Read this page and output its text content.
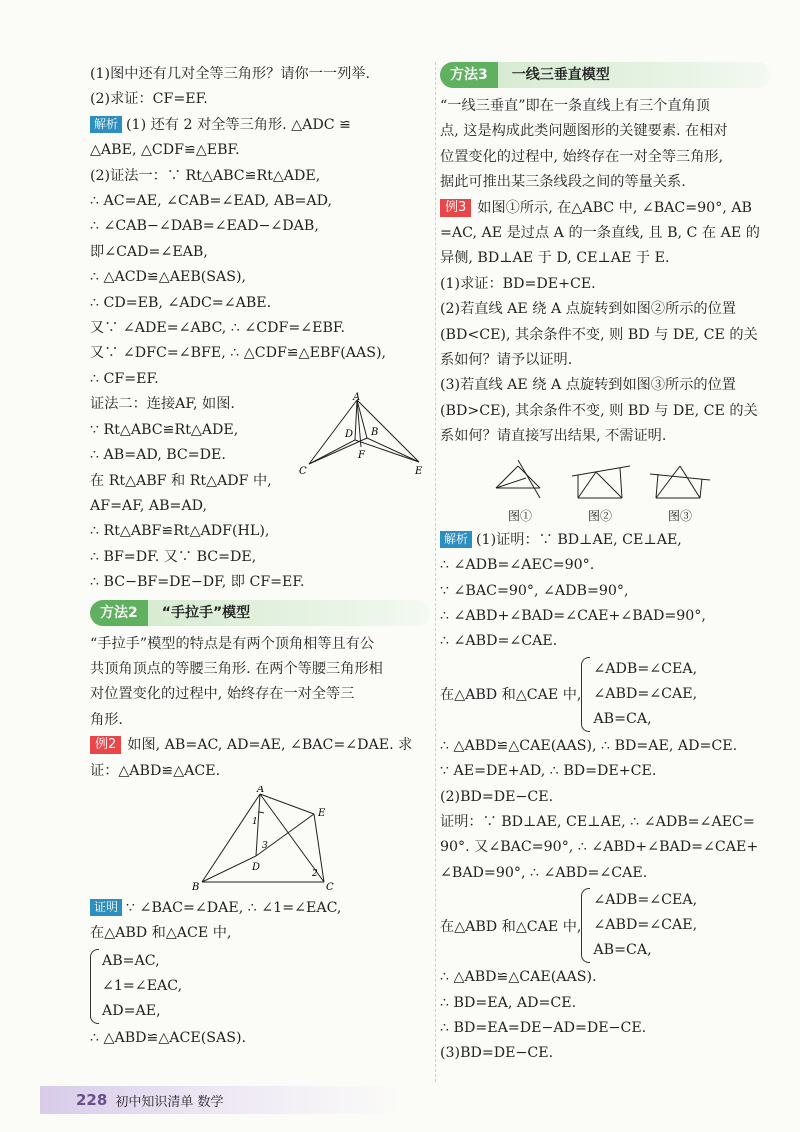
(1)图中还有几对全等三角形？请你一一列举.
(2)求证：CF=EF.
解析 (1) 还有 2 对全等三角形. △ADC ≌
△ABE, △CDF≌△EBF.
(2)证法一：∵ Rt△ABC≌Rt△ADE,
∴ AC=AE, ∠CAB=∠EAD, AB=AD,
∴ ∠CAB−∠DAB=∠EAD−∠DAB,
即∠CAD=∠EAB,
∴ △ACD≌△AEB(SAS),
∴ CD=EB, ∠ADC=∠ABE.
又∵ ∠ADE=∠ABC, ∴ ∠CDF=∠EBF.
又∵ ∠DFC=∠BFE, ∴ △CDF≌△EBF(AAS),
∴ CF=EF.
证法二：连接AF, 如图.
∵ Rt△ABC≌Rt△ADE,
∴ AB=AD, BC=DE.
在 Rt△ABF 和 Rt△ADF 中,
AF=AF, AB=AD,
∴ Rt△ABF≌Rt△ADF(HL),
∴ BF=DF. 又∵ BC=DE,
∴ BC−BF=DE−DF, 即 CF=EF.
A
C	E
D B
F
方法2	“手拉手”模型
“手拉手”模型的特点是有两个顶角相等且有公
共顶角顶点的等腰三角形. 在两个等腰三角形相
对位置变化的过程中, 始终存在一对全等三
角形.
例2 如图, AB=AC, AD=AE, ∠BAC=∠DAE. 求
证：△ABD≌△ACE.
A
B	C
D
E
1
2
3
证明 ∵ ∠BAC=∠DAE, ∴ ∠1=∠EAC,
在△ABD 和△ACE 中,
AB=AC,
∠1=∠EAC,
AD=AE,
∴ △ABD≌△ACE(SAS).
方法3	一线三垂直模型
“一线三垂直”即在一条直线上有三个直角顶
点, 这是构成此类问题图形的关键要素. 在相对
位置变化的过程中, 始终存在一对全等三角形,
据此可推出某三条线段之间的等量关系.
例3 如图①所示, 在△ABC 中, ∠BAC=90°, AB
=AC, AE 是过点 A 的一条直线, 且 B, C 在 AE 的
异侧, BD⊥AE 于 D, CE⊥AE 于 E.
(1)求证：BD=DE+CE.
(2)若直线 AE 绕 A 点旋转到如图②所示的位置
(BD<CE), 其余条件不变, 则 BD 与 DE, CE 的关
系如何？请予以证明.
(3)若直线 AE 绕 A 点旋转到如图③所示的位置
(BD>CE), 其余条件不变, 则 BD 与 DE, CE 的关
系如何？请直接写出结果, 不需证明.
图①	图②	图③
解析 (1)证明：∵ BD⊥AE, CE⊥AE,
∴ ∠ADB=∠AEC=90°.
∵ ∠BAC=90°, ∠ADB=90°,
∴ ∠ABD+∠BAD=∠CAE+∠BAD=90°,
∴ ∠ABD=∠CAE.
在△ABD 和△CAE 中,
∠ADB=∠CEA,
∠ABD=∠CAE,
AB=CA,
∴ △ABD≌△CAE(AAS), ∴ BD=AE, AD=CE.
∵ AE=DE+AD, ∴ BD=DE+CE.
(2)BD=DE−CE.
证明：∵ BD⊥AE, CE⊥AE, ∴ ∠ADB=∠AEC=
90°. 又∠BAC=90°, ∴ ∠ABD+∠BAD=∠CAE+
∠BAD=90°, ∴ ∠ABD=∠CAE.
在△ABD 和△CAE 中,
∠ADB=∠CEA,
∠ABD=∠CAE,
AB=CA,
∴ △ABD≌△CAE(AAS).
∴ BD=EA, AD=CE.
∴ BD=EA=DE−AD=DE−CE.
(3)BD=DE−CE.
228 初中知识清单 数学
